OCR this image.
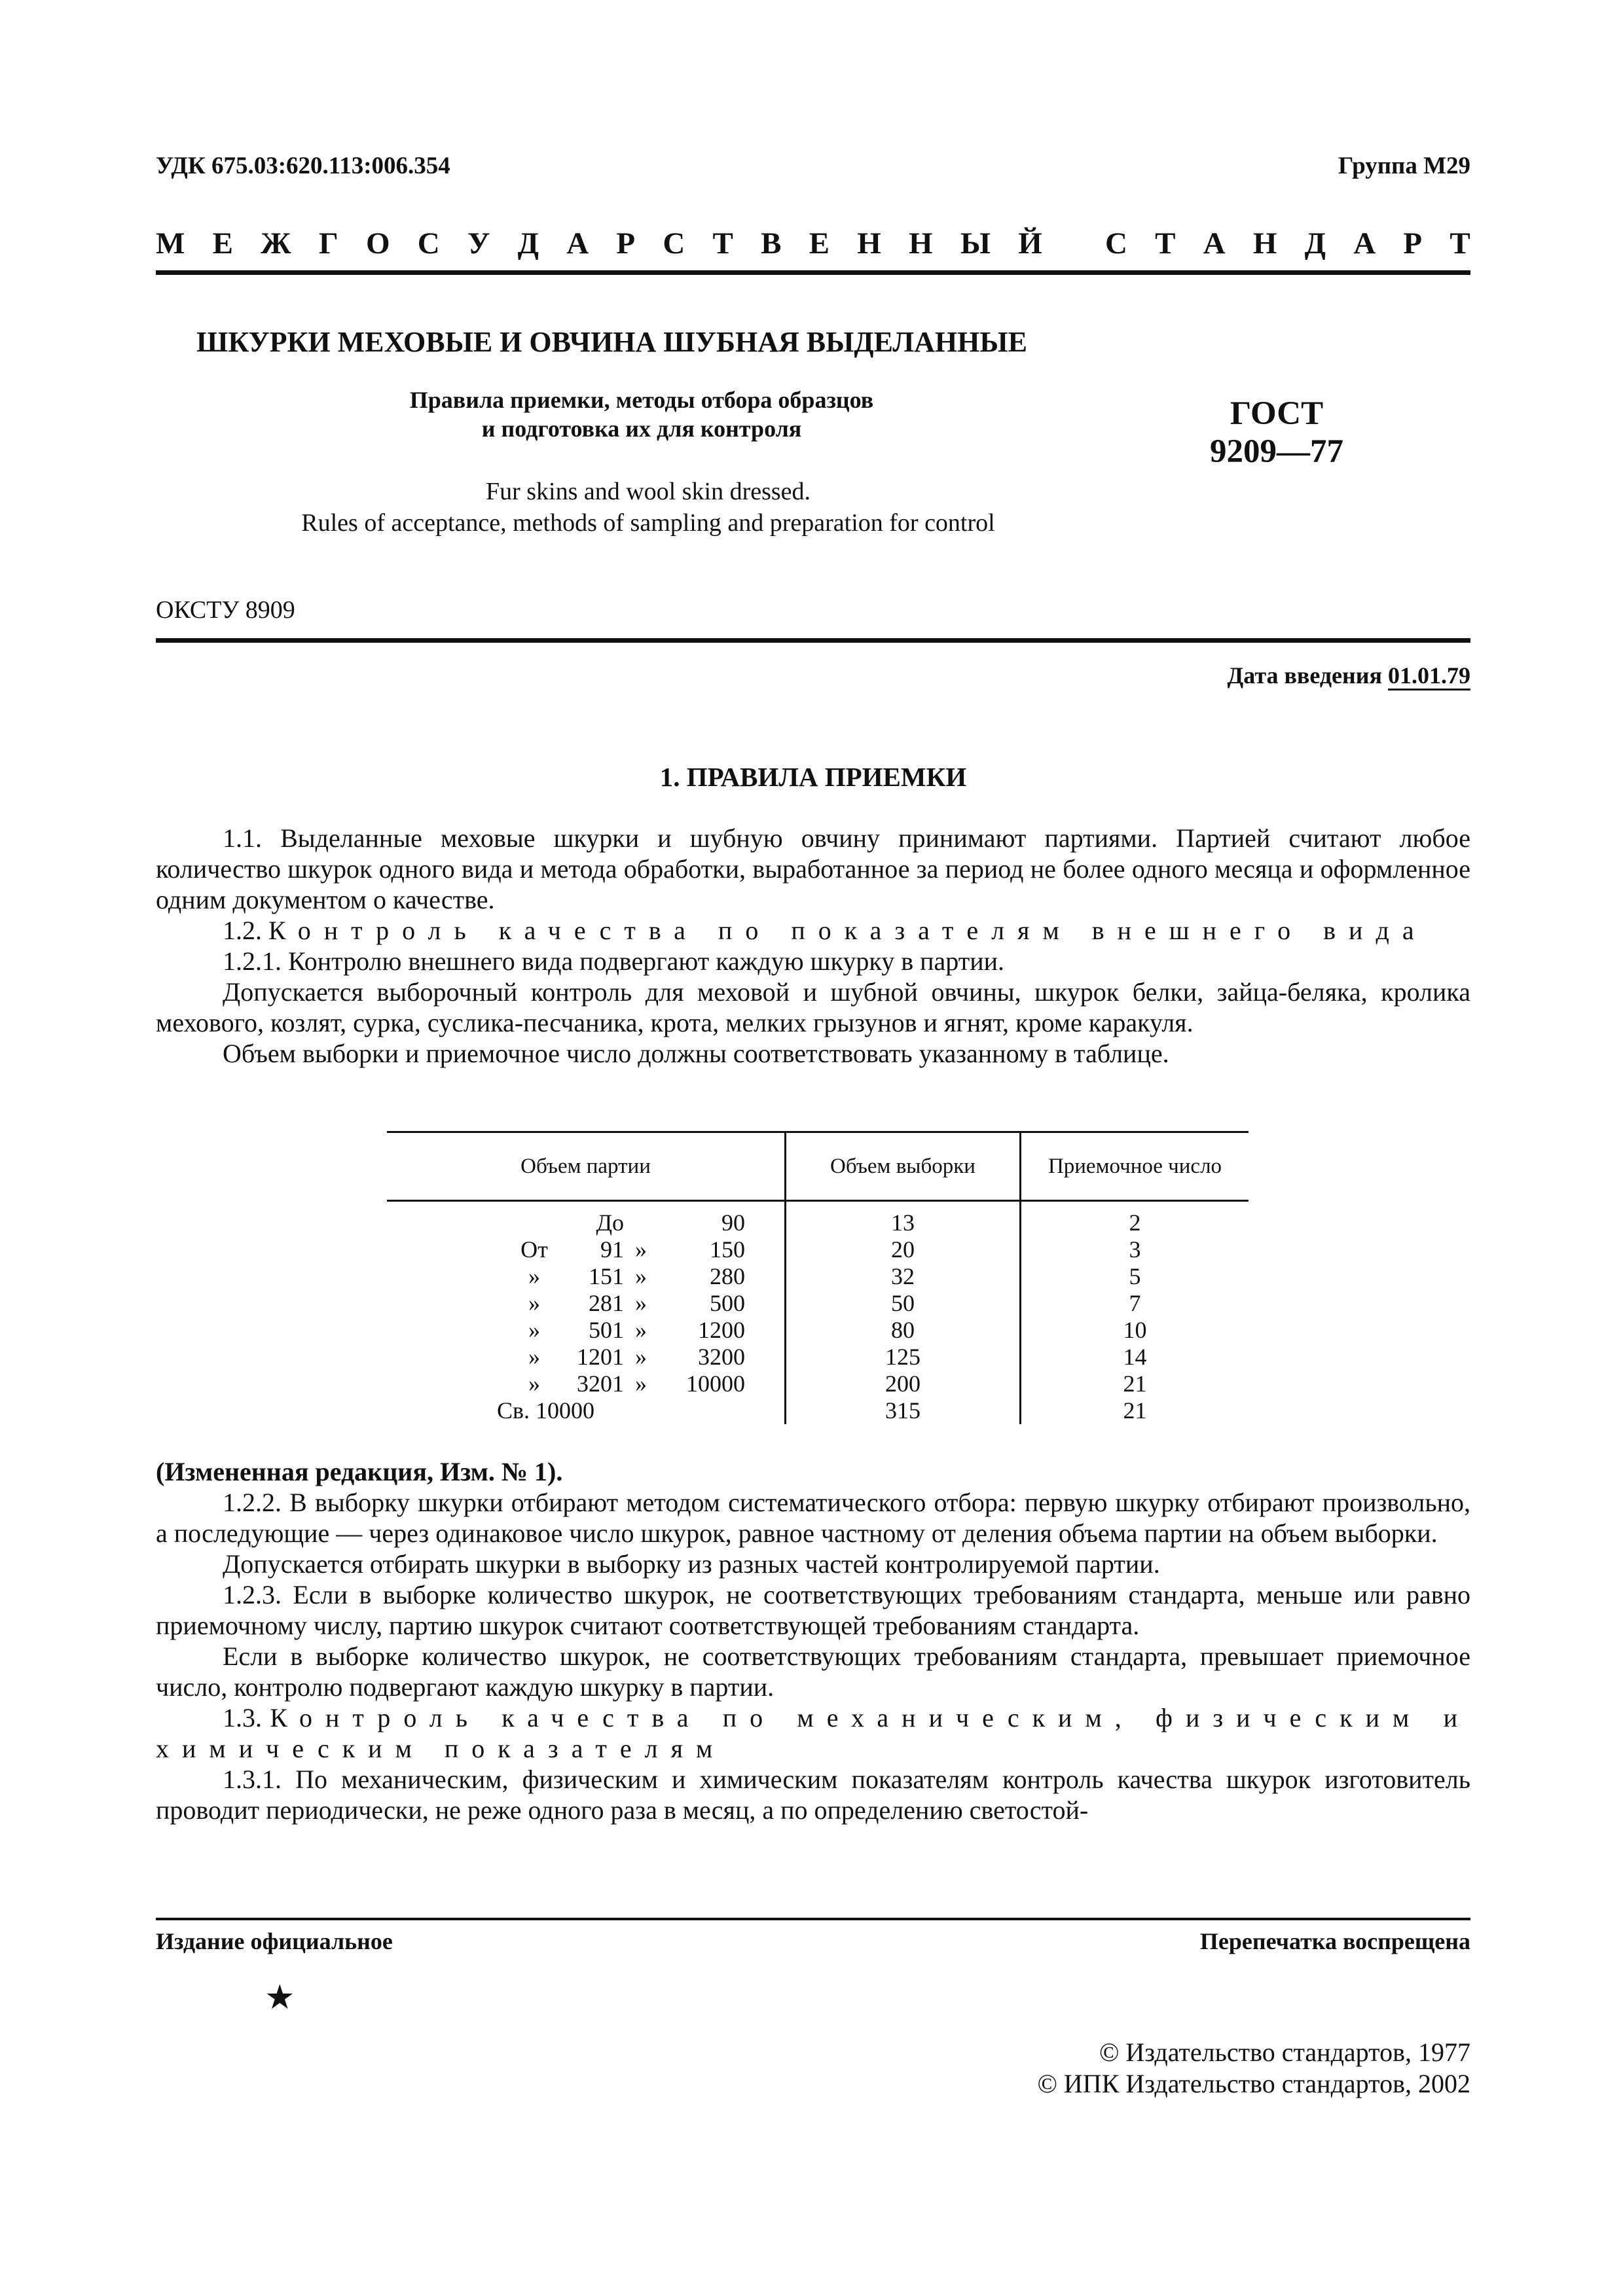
УДК 675.03:620.113:006.354	Группа М29
М Е Ж Г О С У Д А Р С Т В Е Н Н Ы Й
С Т А Н Д А Р Т
ШКУРКИ МЕХОВЫЕ И ОВЧИНА ШУБНАЯ ВЫДЕЛАННЫЕ
Правила приемки, методы отбора образцов
и подготовка их для контроля	ГОСТ
9209—77
Fur skins and wool skin dressed.
Rules of acceptance, methods of sampling and preparation for control
ОКСТУ 8909
Дата введения 01.01.79
1. ПРАВИЛА ПРИЕМКИ

1.1. Выделанные меховые шкурки и шубную овчину принимают партиями. Партией считают любое количество шкурок одного вида и метода обработки, выработанное за период не более одного месяца и оформленное одним документом о качестве.

1.2. Контроль качества по показателям внешнего вида

1.2.1. Контролю внешнего вида подвергают каждую шкурку в партии.

Допускается выборочный контроль для меховой и шубной овчины, шкурок белки, зайца-беляка, кролика мехового, козлят, сурка, суслика-песчаника, крота, мелких грызунов и ягнят, кроме каракуля.

Объем выборки и приемочное число должны соответствовать указанному в таблице.

Объем партии	Объем выборки	Приемочное число
До 90	13	2
От 91 » 150	20	3
» 151 » 280	32	5
» 281 » 500	50	7
» 501 » 1200	80	10
» 1201 » 3200	125	14
» 3201 » 10000	200	21
Св. 10000	315	21

(Измененная редакция, Изм. № 1).

1.2.2. В выборку шкурки отбирают методом систематического отбора: первую шкурку отбирают произвольно, а последующие — через одинаковое число шкурок, равное частному от деления объема партии на объем выборки.

Допускается отбирать шкурки в выборку из разных частей контролируемой партии.

1.2.3. Если в выборке количество шкурок, не соответствующих требованиям стандарта, меньше или равно приемочному числу, партию шкурок считают соответствующей требованиям стандарта.

Если в выборке количество шкурок, не соответствующих требованиям стандарта, превышает приемочное число, контролю подвергают каждую шкурку в партии.

1.3. Контроль качества по механическим, физическим и химическим показателям

1.3.1. По механическим, физическим и химическим показателям контроль качества шкурок изготовитель проводит периодически, не реже одного раза в месяц, а по определению светостой-

Издание официальное	Перепечатка воспрещена
★
© Издательство стандартов, 1977
© ИПК Издательство стандартов, 2002
